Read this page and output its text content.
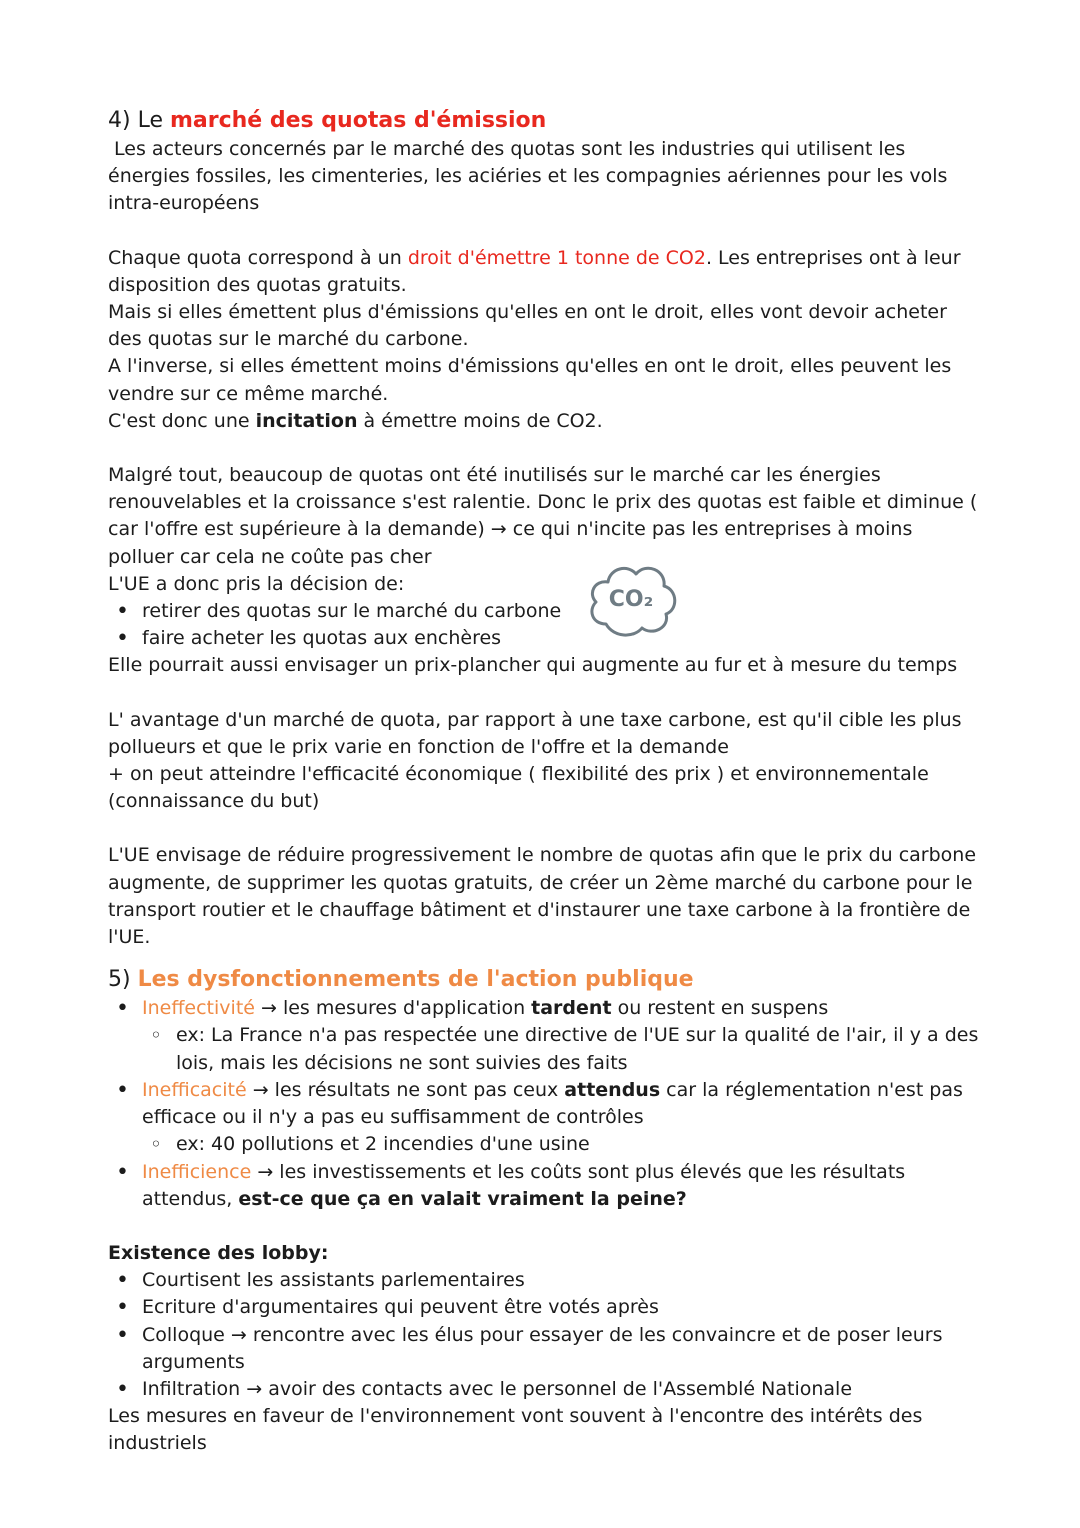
4) Le marché des quotas d'émission

Les acteurs concernés par le marché des quotas sont les industries qui utilisent les énergies fossiles, les cimenteries, les aciéries et les compagnies aériennes pour les vols intra-européens

Chaque quota correspond à un droit d'émettre 1 tonne de CO2. Les entreprises ont à leur disposition des quotas gratuits.

Mais si elles émettent plus d'émissions qu'elles en ont le droit, elles vont devoir acheter des quotas sur le marché du carbone.

A l'inverse, si elles émettent moins d'émissions qu'elles en ont le droit, elles peuvent les vendre sur ce même marché.

C'est donc une incitation à émettre moins de CO2.

Malgré tout, beaucoup de quotas ont été inutilisés sur le marché car les énergies renouvelables et la croissance s'est ralentie. Donc le prix des quotas est faible et diminue ( car l'offre est supérieure à la demande) → ce qui n'incite pas les entreprises à moins polluer car cela ne coûte pas cher

L'UE a donc pris la décision de:

• retirer des quotas sur le marché du carbone
• faire acheter les quotas aux enchères

Elle pourrait aussi envisager un prix-plancher qui augmente au fur et à mesure du temps

L' avantage d'un marché de quota, par rapport à une taxe carbone, est qu'il cible les plus pollueurs et que le prix varie en fonction de l'offre et la demande

+ on peut atteindre l'efficacité économique ( flexibilité des prix ) et environnementale (connaissance du but)

L'UE envisage de réduire progressivement le nombre de quotas afin que le prix du carbone augmente, de supprimer les quotas gratuits, de créer un 2ème marché du carbone pour le transport routier et le chauffage bâtiment et d'instaurer une taxe carbone à la frontière de l'UE.

5) Les dysfonctionnements de l'action publique

• Ineffectivité → les mesures d'application tardent ou restent en suspens
◦ ex: La France n'a pas respectée une directive de l'UE sur la qualité de l'air, il y a des lois, mais les décisions ne sont suivies des faits
• Inefficacité → les résultats ne sont pas ceux attendus car la réglementation n'est pas efficace ou il n'y a pas eu suffisamment de contrôles
◦ ex: 40 pollutions et 2 incendies d'une usine
• Inefficience → les investissements et les coûts sont plus élevés que les résultats attendus, est-ce que ça en valait vraiment la peine?

Existence des lobby:

• Courtisent les assistants parlementaires
• Ecriture d'argumentaires qui peuvent être votés après
• Colloque → rencontre avec les élus pour essayer de les convaincre et de poser leurs arguments
• Infiltration → avoir des contacts avec le personnel de l'Assemblé Nationale

Les mesures en faveur de l'environnement vont souvent à l'encontre des intérêts des industriels

CO₂
